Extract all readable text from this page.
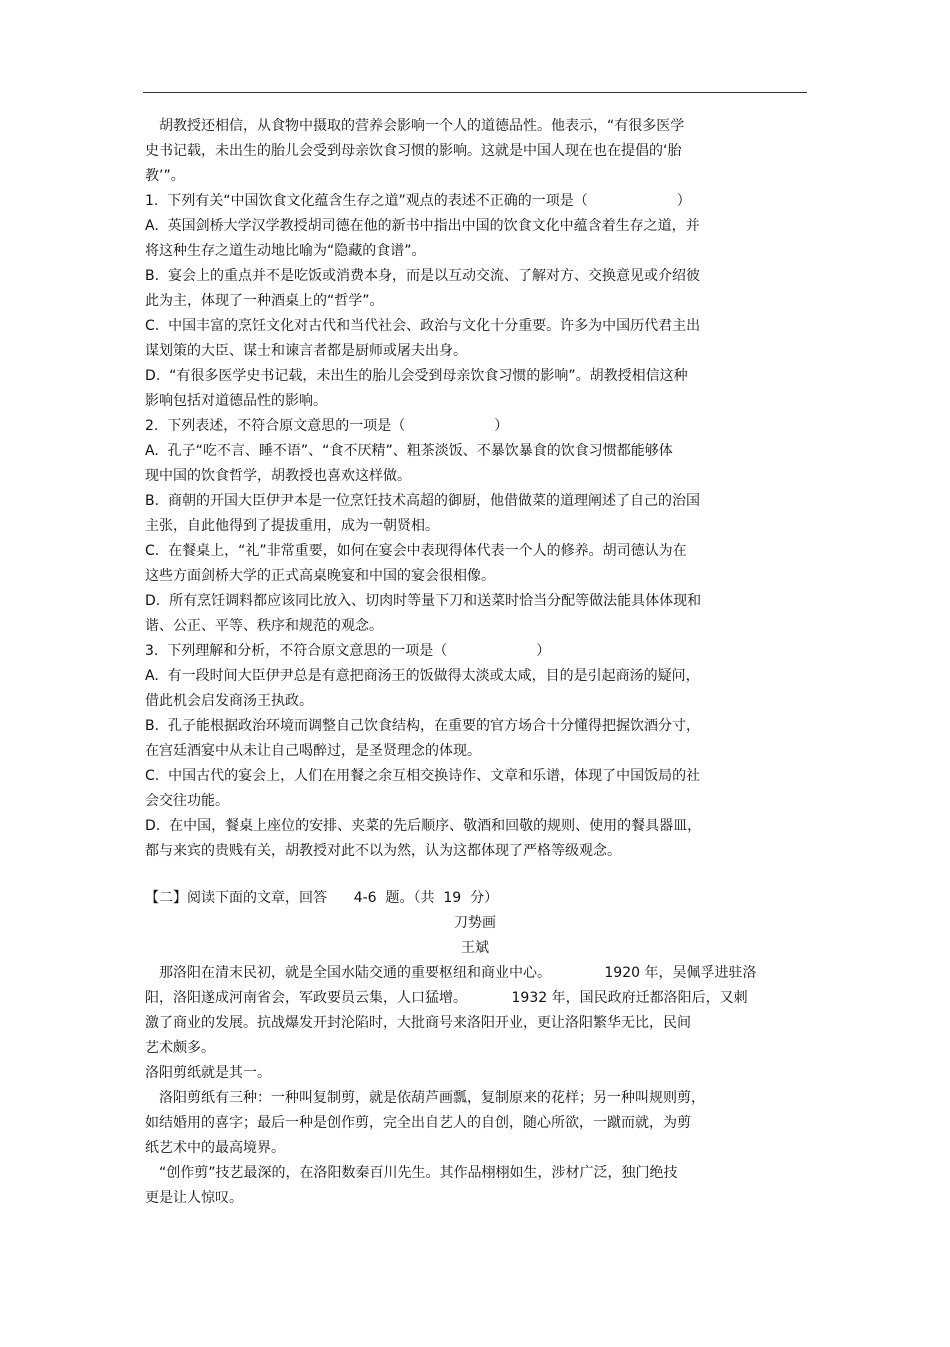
胡教授还相信，从食物中摄取的营养会影响一个人的道德品性。他表示，“有很多医学

史书记载，未出生的胎儿会受到母亲饮食习惯的影响。这就是中国人现在也在提倡的‘胎

教’”。

1.  下列有关“中国饮食文化蕴含生存之道”观点的表述不正确的一项是（                    ）

A.  英国剑桥大学汉学教授胡司德在他的新书中指出中国的饮食文化中蕴含着生存之道，并

将这种生存之道生动地比喻为“隐藏的食谱”。

B.  宴会上的重点并不是吃饭或消费本身，而是以互动交流、了解对方、交换意见或介绍彼

此为主，体现了一种酒桌上的“哲学”。

C.  中国丰富的烹饪文化对古代和当代社会、政治与文化十分重要。许多为中国历代君主出

谋划策的大臣、谋士和谏言者都是厨师或屠夫出身。

D.  “有很多医学史书记载，未出生的胎儿会受到母亲饮食习惯的影响”。胡教授相信这种

影响包括对道德品性的影响。

2.  下列表述，不符合原文意思的一项是（                    ）

A.  孔子“吃不言、睡不语”、“食不厌精”、粗茶淡饭、不暴饮暴食的饮食习惯都能够体

现中国的饮食哲学，胡教授也喜欢这样做。

B.  商朝的开国大臣伊尹本是一位烹饪技术高超的御厨，他借做菜的道理阐述了自己的治国

主张，自此他得到了提拔重用，成为一朝贤相。

C.  在餐桌上，“礼”非常重要，如何在宴会中表现得体代表一个人的修养。胡司德认为在

这些方面剑桥大学的正式高桌晚宴和中国的宴会很相像。

D.  所有烹饪调料都应该同比放入、切肉时等量下刀和送菜时恰当分配等做法能具体体现和

谐、公正、平等、秩序和规范的观念。

3.  下列理解和分析，不符合原文意思的一项是（                    ）

A.  有一段时间大臣伊尹总是有意把商汤王的饭做得太淡或太咸，目的是引起商汤的疑问，

借此机会启发商汤王执政。

B.  孔子能根据政治环境而调整自己饮食结构，在重要的官方场合十分懂得把握饮酒分寸，

在宫廷酒宴中从未让自己喝醉过，是圣贤理念的体现。

C.  中国古代的宴会上，人们在用餐之余互相交换诗作、文章和乐谱，体现了中国饭局的社

会交往功能。

D.  在中国，餐桌上座位的安排、夹菜的先后顺序、敬酒和回敬的规则、使用的餐具器皿，

都与来宾的贵贱有关，胡教授对此不以为然，认为这都体现了严格等级观念。

【二】阅读下面的文章，回答      4-6  题。（共  19  分）

刀势画

王斌

那洛阳在清末民初，就是全国水陆交通的重要枢纽和商业中心。            1920 年，吴佩孚进驻洛

阳，洛阳遂成河南省会，军政要员云集，人口猛增。          1932 年，国民政府迁都洛阳后，又刺

激了商业的发展。抗战爆发开封沦陷时，大批商号来洛阳开业，更让洛阳繁华无比，民间

艺术颇多。

洛阳剪纸就是其一。

洛阳剪纸有三种：一种叫复制剪，就是依葫芦画瓢，复制原来的花样；另一种叫规则剪，

如结婚用的喜字；最后一种是创作剪，完全出自艺人的自创，随心所欲，一蹴而就，为剪

纸艺术中的最高境界。

“创作剪”技艺最深的，在洛阳数秦百川先生。其作品栩栩如生，涉材广泛，独门绝技

更是让人惊叹。
